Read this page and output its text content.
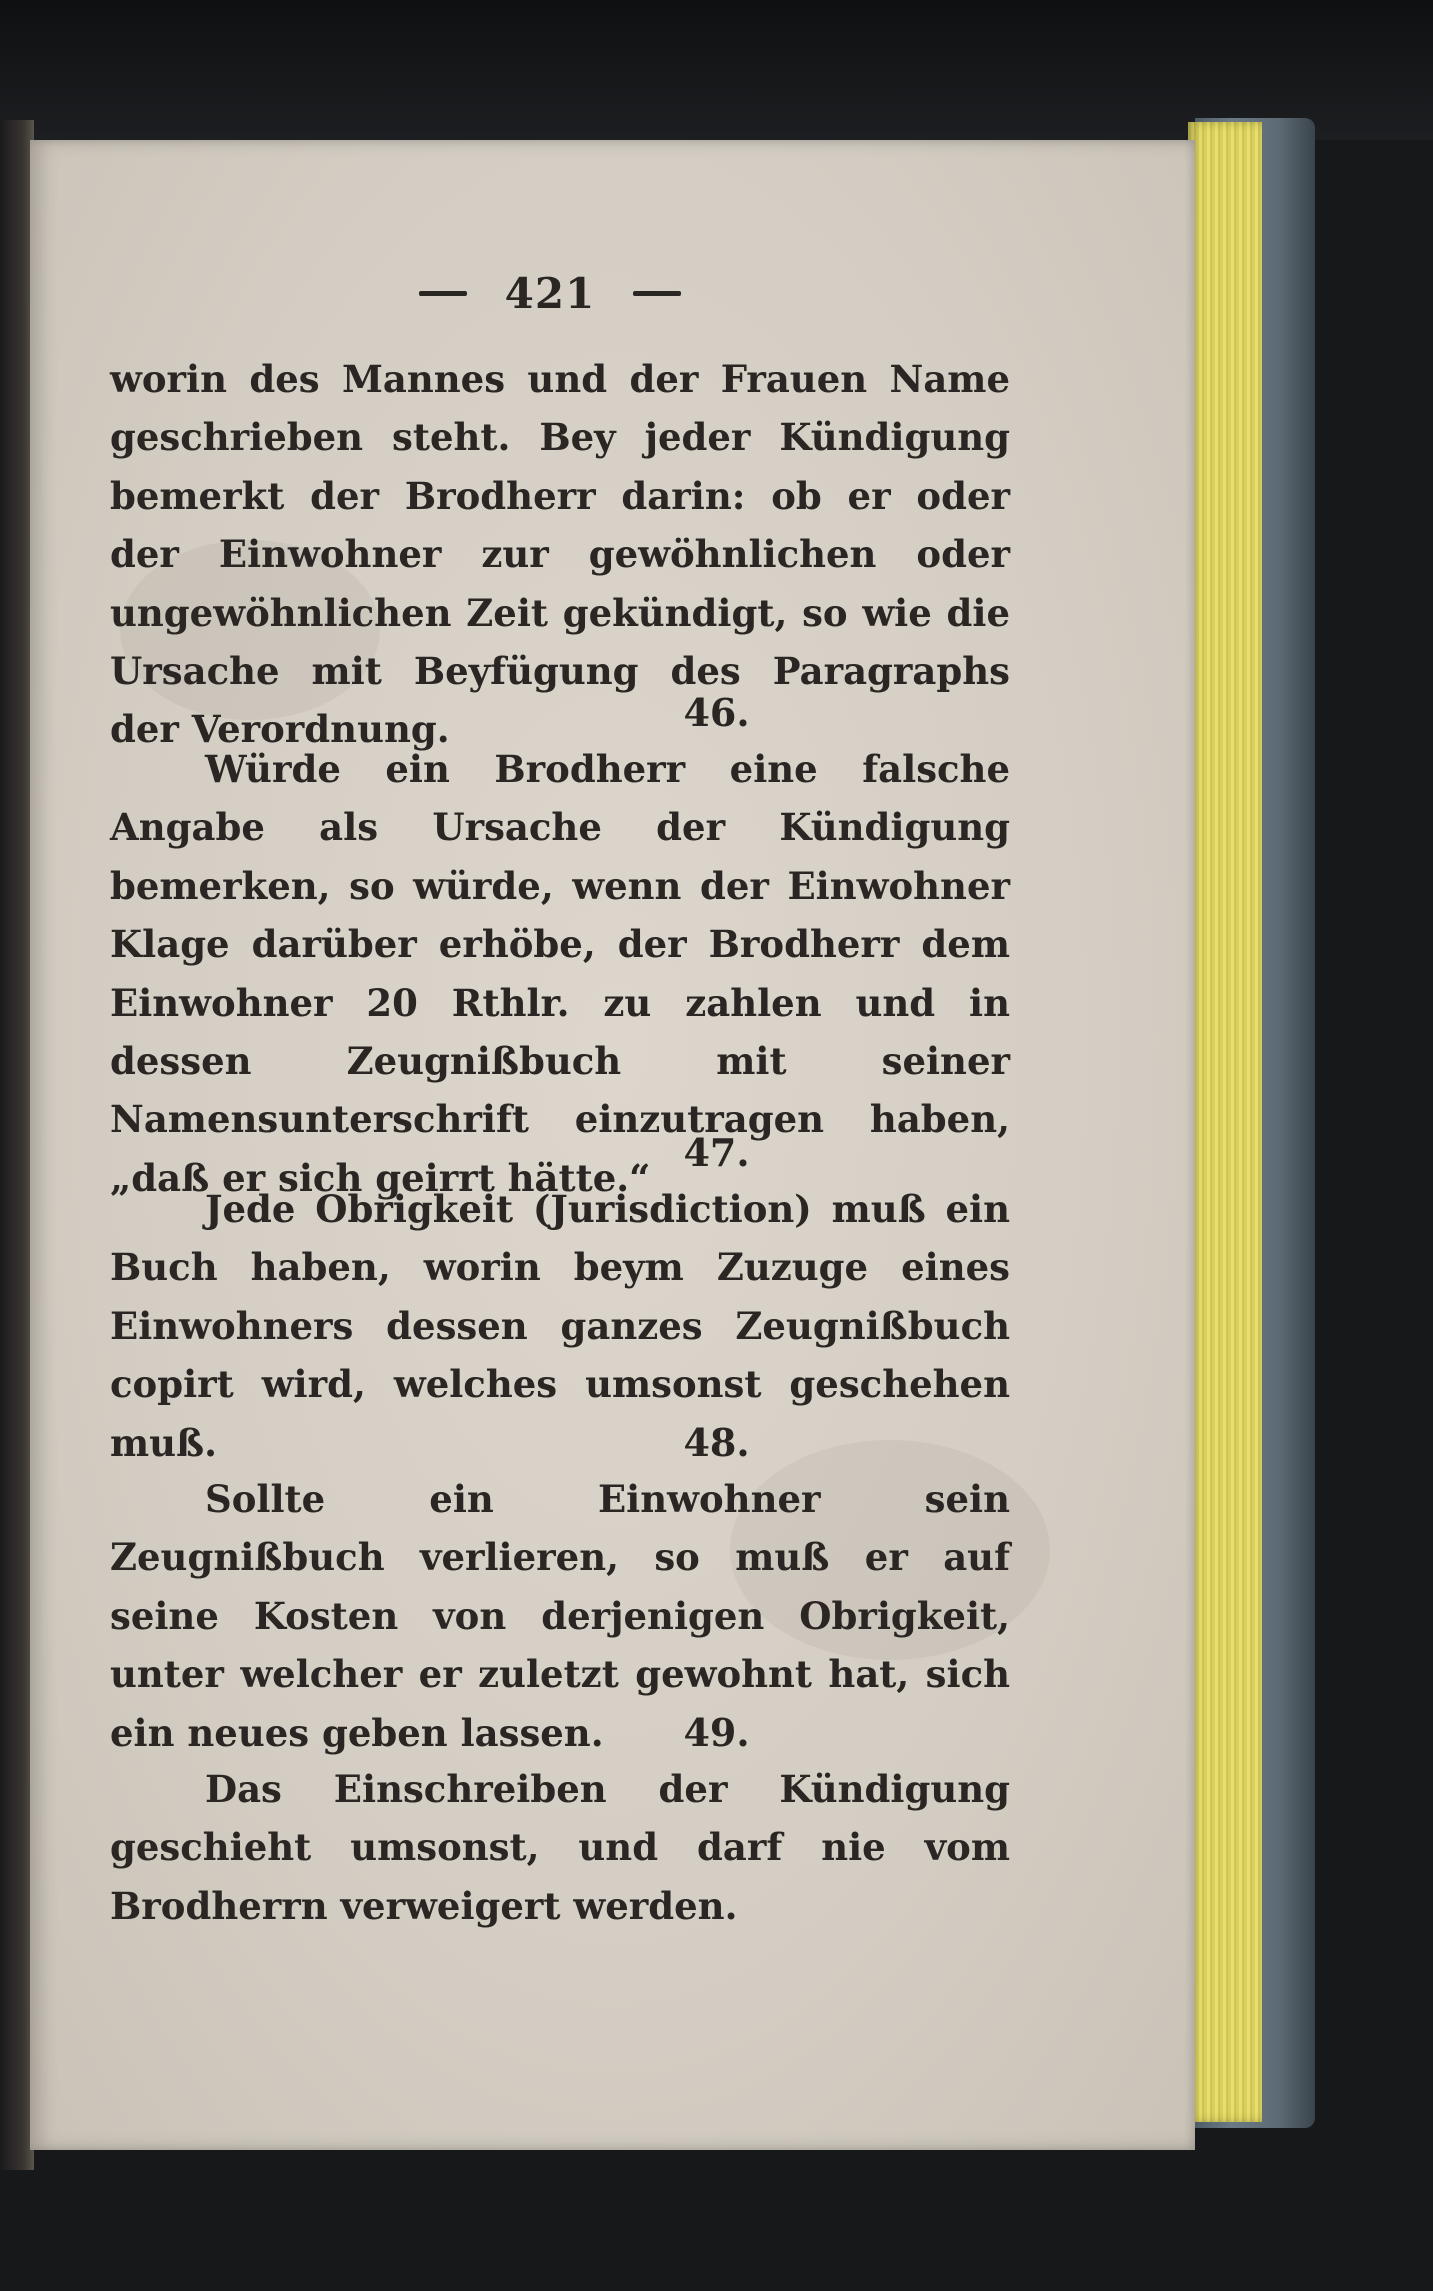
421
worin des Mannes und der Frauen Name geschrieben steht. Bey jeder Kündigung bemerkt der Brodherr darin: ob er oder der Einwohner zur gewöhnlichen oder ungewöhnlichen Zeit gekündigt, so wie die Ursache mit Beyfügung des Paragraphs der Verordnung.	46.
Würde ein Brodherr eine falsche Angabe als Ursache der Kündigung bemerken, so würde, wenn der Einwohner Klage darüber erhöbe, der Brodherr dem Einwohner 20 Rthlr. zu zahlen und in dessen Zeugnißbuch mit seiner Namensunterschrift einzutragen haben, „daß er sich geirrt hätte.“
47.
Jede Obrigkeit (Jurisdiction) muß ein Buch haben, worin beym Zuzuge eines Einwohners dessen ganzes Zeugnißbuch copirt wird, welches umsonst geschehen muß.	48.
Sollte ein Einwohner sein Zeugnißbuch verlieren, so muß er auf seine Kosten von derjenigen Obrigkeit, unter welcher er zuletzt gewohnt hat, sich ein neues geben lassen.	49.
Das Einschreiben der Kündigung geschieht umsonst, und darf nie vom Brodherrn verweigert werden.
